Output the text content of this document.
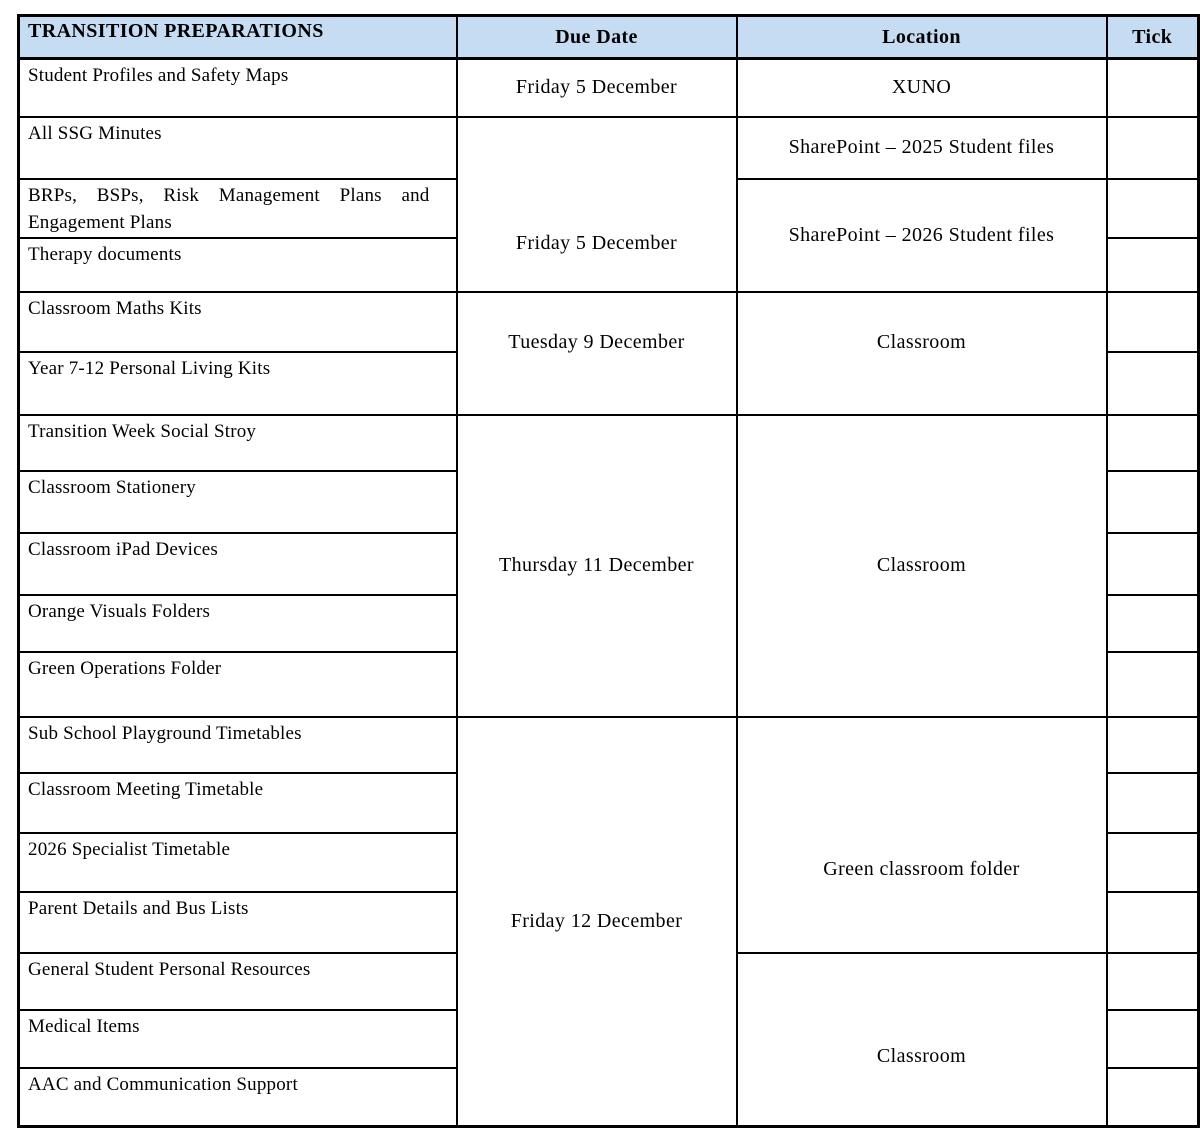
TRANSITION PREPARATIONS	Due Date	Location	Tick
Student Profiles and Safety Maps	Friday 5 December	XUNO	
All SSG Minutes	Friday 5 December	SharePoint – 2025 Student files	
BRPs, BSPs, Risk Management Plans and Engagement Plans		SharePoint – 2026 Student files	
Therapy documents			
Classroom Maths Kits	Tuesday 9 December	Classroom	
Year 7-12 Personal Living Kits			
Transition Week Social Stroy	Thursday 11 December	Classroom	
Classroom Stationery			
Classroom iPad Devices			
Orange Visuals Folders			
Green Operations Folder			
Sub School Playground Timetables	Friday 12 December	Green classroom folder	
Classroom Meeting Timetable			
2026 Specialist Timetable			
Parent Details and Bus Lists			
General Student Personal Resources		Classroom	
Medical Items			
AAC and Communication Support			
